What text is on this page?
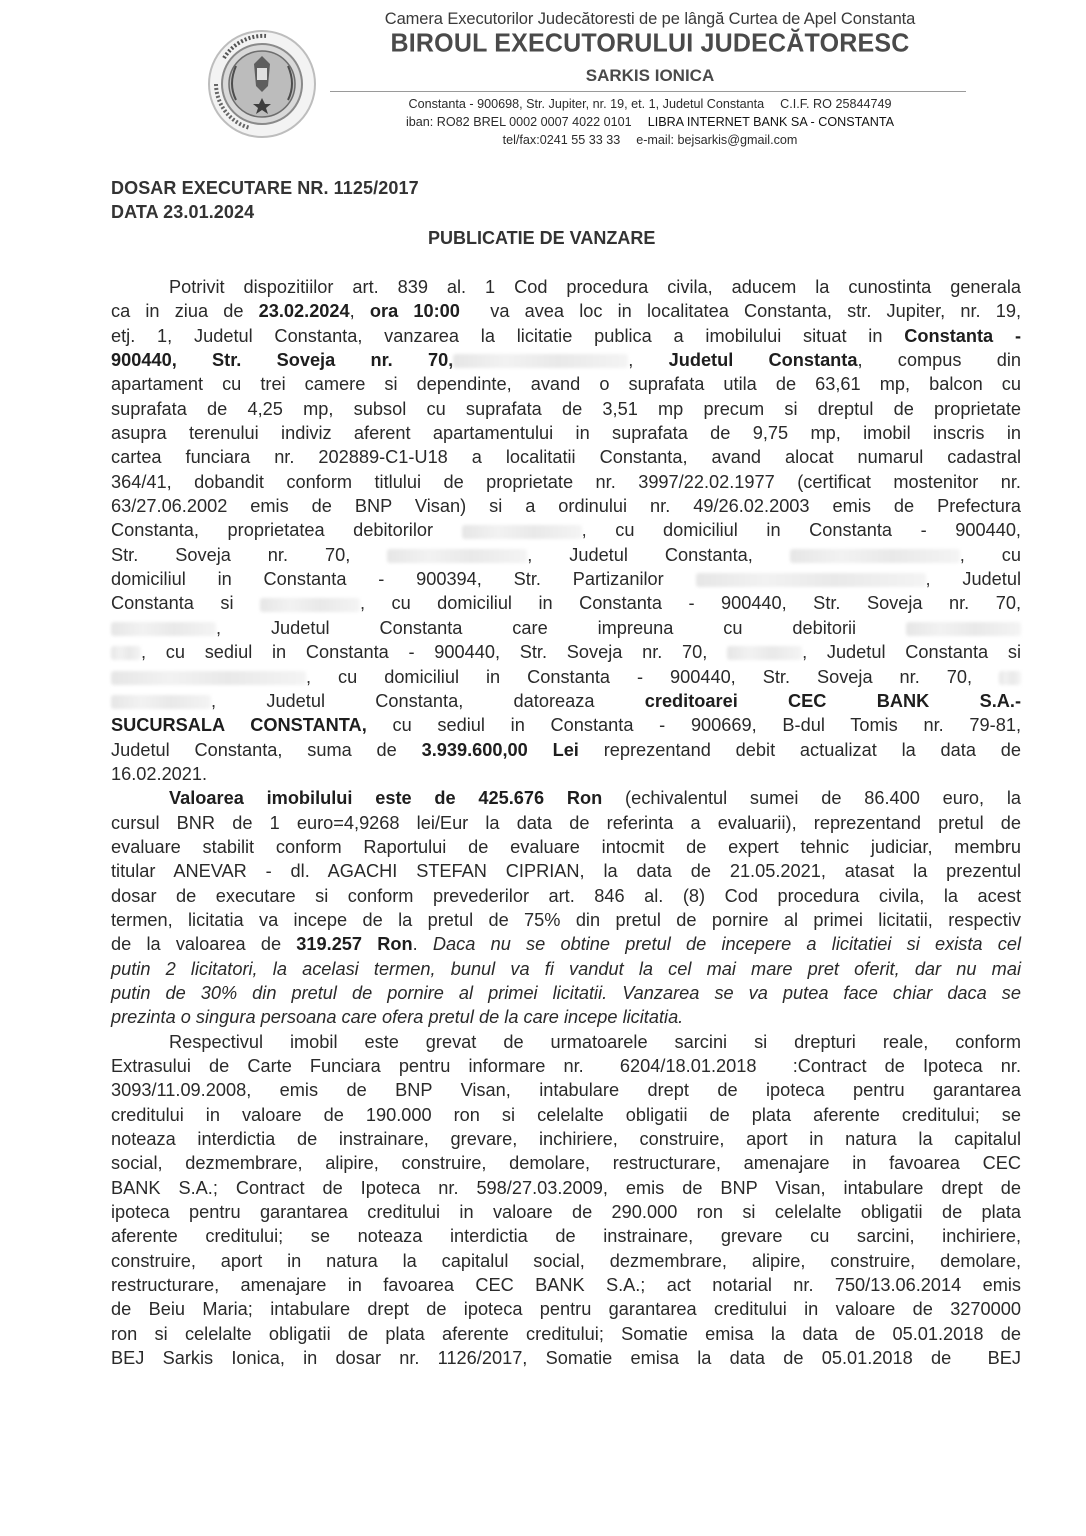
Camera Executorilor Judecătoresti de pe lângă Curtea de Apel Constanta
BIROUL EXECUTORULUI JUDECĂTORESC
SARKIS IONICA
Constanta - 900698, Str. Jupiter, nr. 19, et. 1, Judetul Constanta C.I.F. RO 25844749
iban: RO82 BREL 0002 0007 4022 0101 LIBRA INTERNET BANK SA - CONSTANTA
tel/fax:0241 55 33 33 e-mail: bejsarkis@gmail.com
DOSAR EXECUTARE NR. 1125/2017
DATA 23.01.2024
PUBLICATIE DE VANZARE
Potrivit dispozitiilor art. 839 al. 1 Cod procedura civila, aducem la cunostinta generala
ca in ziua de 23.02.2024, ora 10:00  va avea loc in localitatea Constanta, str. Jupiter, nr. 19,
etj. 1, Judetul Constanta, vanzarea la licitatie publica a imobilului situat in Constanta -
900440, Str. Soveja nr. 70,	, Judetul Constanta, compus din
apartament cu trei camere si dependinte, avand o suprafata utila de 63,61 mp, balcon cu
suprafata de 4,25 mp, subsol cu suprafata de 3,51 mp precum si dreptul de proprietate
asupra terenului indiviz aferent apartamentului in suprafata de 9,75 mp, imobil inscris in
cartea funciara nr. 202889-C1-U18 a localitatii Constanta, avand alocat numarul cadastral
364/41, dobandit conform titlului de proprietate nr. 3997/22.02.1977 (certificat mostenitor nr.
63/27.06.2002 emis de BNP Visan) si a ordinului nr. 49/26.02.2003 emis de Prefectura
Constanta, proprietatea debitorilor	, cu domiciliul in Constanta - 900440,
Str. Soveja nr. 70,	, Judetul Constanta,	, cu
domiciliul in Constanta - 900394, Str. Partizanilor	, Judetul
Constanta si	, cu domiciliul in Constanta - 900440, Str. Soveja nr. 70,
, Judetul Constanta care impreuna cu debitorii
, cu sediul in Constanta - 900440, Str. Soveja nr. 70,	, Judetul Constanta si
, cu domiciliul in Constanta - 900440, Str. Soveja nr. 70,
, Judetul Constanta, datoreaza creditoarei CEC BANK S.A.-
SUCURSALA CONSTANTA, cu sediul in Constanta - 900669, B-dul Tomis nr. 79-81,
Judetul Constanta, suma de 3.939.600,00 Lei reprezentand debit actualizat la data de
16.02.2021.
Valoarea imobilului este de 425.676 Ron (echivalentul sumei de 86.400 euro, la
cursul BNR de 1 euro=4,9268 lei/Eur la data de referinta a evaluarii), reprezentand pretul de
evaluare stabilit conform Raportului de evaluare intocmit de expert tehnic judiciar, membru
titular ANEVAR - dl. AGACHI STEFAN CIPRIAN, la data de 21.05.2021, atasat la prezentul
dosar de executare si conform prevederilor art. 846 al. (8) Cod procedura civila, la acest
termen, licitatia va incepe de la pretul de 75% din pretul de pornire al primei licitatii, respectiv
de la valoarea de 319.257 Ron. Daca nu se obtine pretul de incepere a licitatiei si exista cel
putin 2 licitatori, la acelasi termen, bunul va fi vandut la cel mai mare pret oferit, dar nu mai
putin de 30% din pretul de pornire al primei licitatii. Vanzarea se va putea face chiar daca se
prezinta o singura persoana care ofera pretul de la care incepe licitatia.
Respectivul imobil este grevat de urmatoarele sarcini si drepturi reale, conform
Extrasului de Carte Funciara pentru informare nr.  6204/18.01.2018  :Contract de Ipoteca nr.
3093/11.09.2008, emis de BNP Visan, intabulare drept de ipoteca pentru garantarea
creditului in valoare de 190.000 ron si celelalte obligatii de plata aferente creditului; se
noteaza interdictia de instrainare, grevare, inchiriere, construire, aport in natura la capitalul
social, dezmembrare, alipire, construire, demolare, restructurare, amenajare in favoarea CEC
BANK S.A.; Contract de Ipoteca nr. 598/27.03.2009, emis de BNP Visan, intabulare drept de
ipoteca pentru garantarea creditului in valoare de 290.000 ron si celelalte obligatii de plata
aferente creditului; se noteaza interdictia de instrainare, grevare cu sarcini, inchiriere,
construire, aport in natura la capitalul social, dezmembrare, alipire, construire, demolare,
restructurare, amenajare in favoarea CEC BANK S.A.; act notarial nr. 750/13.06.2014 emis
de Beiu Maria; intabulare drept de ipoteca pentru garantarea creditului in valoare de 3270000
ron si celelalte obligatii de plata aferente creditului; Somatie emisa la data de 05.01.2018 de
BEJ Sarkis Ionica, in dosar nr. 1126/2017, Somatie emisa la data de 05.01.2018 de  BEJ
